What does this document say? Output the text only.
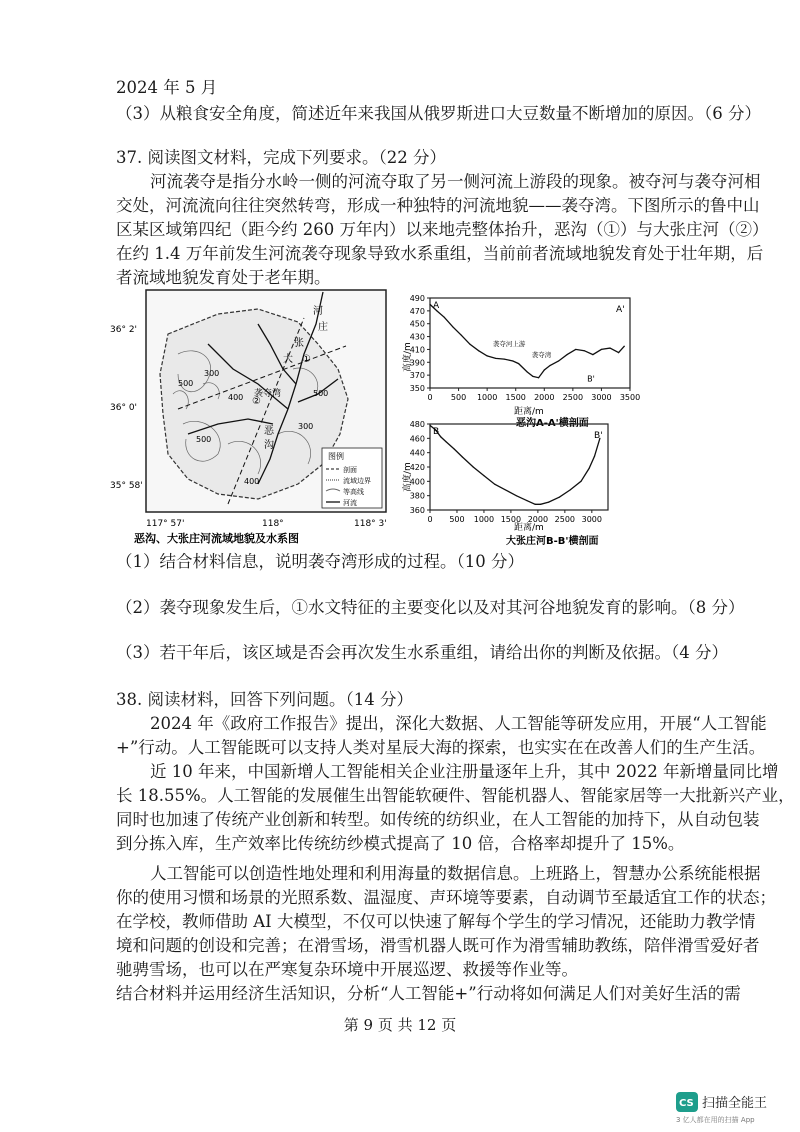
2024 年 5 月
（3）从粮食安全角度，简述近年来我国从俄罗斯进口大豆数量不断增加的原因。（6 分）
37. 阅读图文材料，完成下列要求。（22 分）
河流袭夺是指分水岭一侧的河流夺取了另一侧河流上游段的现象。被夺河与袭夺河相
交处，河流流向往往突然转弯，形成一种独特的河流地貌——袭夺湾。下图所示的鲁中山
区某区域第四纪（距今约 260 万年内）以来地壳整体抬升，恶沟（①）与大张庄河（②）
在约 1.4 万年前发生河流袭夺现象导致水系重组，当前前者流域地貌发育处于壮年期，后
者流域地貌发育处于老年期。
36° 2'
36° 0'
35° 58'
河
庄
大
张
①
②
恶
沟
袭夺湾
300
500
400
400
500
500
300
图例
剖面
流域边界
等高线
河流
117° 57'	118°	118° 3'
恶沟、大张庄河流域地貌及水系图
高度/m
距离/m
恶沟A-A'横剖面
490
470
450
430
410
390
370
350
0 500 1000 1500 2000 2500 3000 3500
A	A'
袭夺河上游
袭夺湾
B'
高度/m
距离/m
大张庄河B-B'横剖面
480
460
440
420
400
380
360
0 500 1000 1500 2000 2500 3000
B	B'
（1）结合材料信息，说明袭夺湾形成的过程。（10 分）
（2）袭夺现象发生后，①水文特征的主要变化以及对其河谷地貌发育的影响。（8 分）
（3）若干年后，该区域是否会再次发生水系重组，请给出你的判断及依据。（4 分）
38. 阅读材料，回答下列问题。（14 分）
2024 年《政府工作报告》提出，深化大数据、人工智能等研发应用，开展“人工智能
+”行动。人工智能既可以支持人类对星辰大海的探索，也实实在在改善人们的生产生活。
近 10 年来，中国新增人工智能相关企业注册量逐年上升，其中 2022 年新增量同比增
长 18.55%。人工智能的发展催生出智能软硬件、智能机器人、智能家居等一大批新兴产业，
同时也加速了传统产业创新和转型。如传统的纺织业，在人工智能的加持下，从自动包装
到分拣入库，生产效率比传统纺纱模式提高了 10 倍，合格率却提升了 15%。
人工智能可以创造性地处理和利用海量的数据信息。上班路上，智慧办公系统能根据
你的使用习惯和场景的光照系数、温湿度、声环境等要素，自动调节至最适宜工作的状态；
在学校，教师借助 AI 大模型，不仅可以快速了解每个学生的学习情况，还能助力教学情
境和问题的创设和完善；在滑雪场，滑雪机器人既可作为滑雪辅助教练，陪伴滑雪爱好者
驰骋雪场，也可以在严寒复杂环境中开展巡逻、救援等作业等。
结合材料并运用经济生活知识，分析“人工智能+”行动将如何满足人们对美好生活的需
第 9 页 共 12 页
CS 扫描全能王
3 亿人都在用的扫描 App
